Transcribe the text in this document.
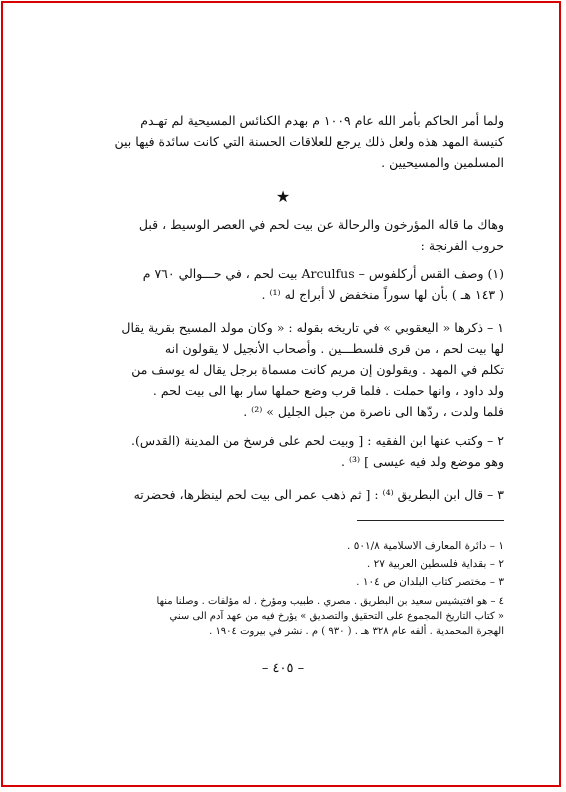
ولما أمر الحاكم بأمر الله عام ١٠٠٩ م بهدم الكنائس المسيحية لم تهـدم
كنيسة المهد هذه ولعل ذلك يرجع للعلاقات الحسنة التي كانت سائدة فيها بين
المسلمين والمسيحيين .
★
وهاك ما قاله المؤرخون والرحالة عن بيت لحم في العصر الوسيط ، قبل
حروب الفرنجة :
(١) وصف القس أركلفوس – Arculfus بيت لحم ، في حـــوالي ٧٦٠ م
( ١٤٣ هـ ) بأن لها سوراً منخفض لا أبراج له ⁽¹⁾ .
١ – ذكرها « اليعقوبي » في تاريخه بقوله : « وكان مولد المسيح بقرية يقال
لها بيت لحم ، من قرى فلسطـــين . وأصحاب الأنجيل لا يقولون انه
تكلم في المهد . ويقولون إن مريم كانت مسماة برجل يقال له يوسف من
ولد داود ، وانها حملت . فلما قرب وضع حملها سار بها الى بيت لحم .
فلما ولدت ، ردّها الى ناصرة من جبل الجليل » ⁽²⁾ .
٢ – وكتب عنها ابن الفقيه : [ وبيت لحم على فرسخ من المدينة (القدس).
وهو موضع ولد فيه عيسى ] ⁽³⁾ .
٣ – قال ابن البطريق ⁽⁴⁾ : [ ثم ذهب عمر الى بيت لحم لينظرها، فحضرته
١ – دائرة المعارف الاسلامية ٥٠١/٨ .
٢ – بقداية فلسطين العربية ٢٧ .
٣ – مختصر كتاب البلدان ص ١٠٤ .
٤ – هو افتيشيس سعيد بن البطريق . مصري . طبيب ومؤرخ . له مؤلفات . وصلنا منها
« كتاب التاريخ المجموع على التحقيق والتصديق » يؤرخ فيه من عهد آدم الى سني
الهجرة المحمدية . ألفه عام ٣٢٨ هـ . ( ٩٣٠ ) م . نشر في بيروت ١٩٠٤ .
– ٤٠٥ –
